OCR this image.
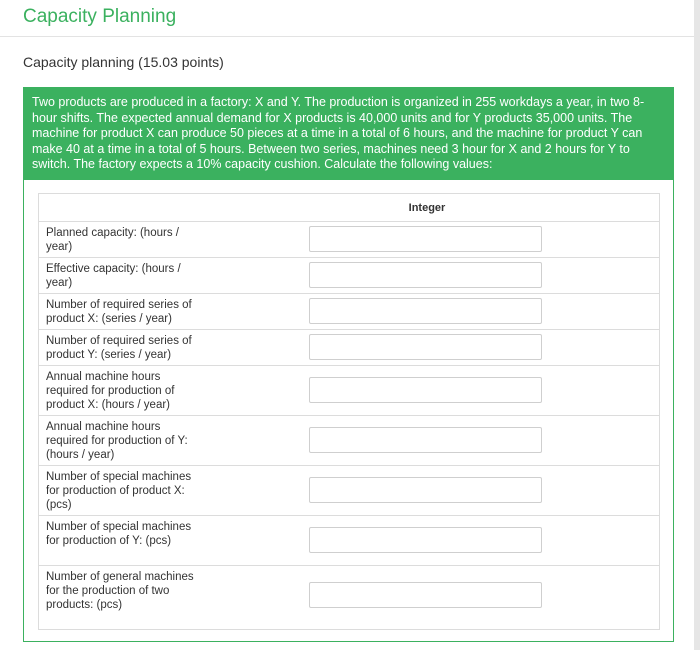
Capacity Planning
Capacity planning (15.03 points)
Two products are produced in a factory: X and Y. The production is organized in 255 workdays a year, in two 8-hour shifts. The expected annual demand for X products is 40,000 units and for Y products 35,000 units. The machine for product X can produce 50 pieces at a time in a total of 6 hours, and the machine for product Y can make 40 at a time in a total of 5 hours. Between two series, machines need 3 hour for X and 2 hours for Y to switch. The factory expects a 10% capacity cushion. Calculate the following values:
Integer
Planned capacity: (hours / year)
Effective capacity: (hours / year)
Number of required series of product X: (series / year)
Number of required series of product Y: (series / year)
Annual machine hours required for production of product X: (hours / year)
Annual machine hours required for production of Y: (hours / year)
Number of special machines for production of product X: (pcs)
Number of special machines for production of Y: (pcs)
Number of general machines for the production of two products: (pcs)
